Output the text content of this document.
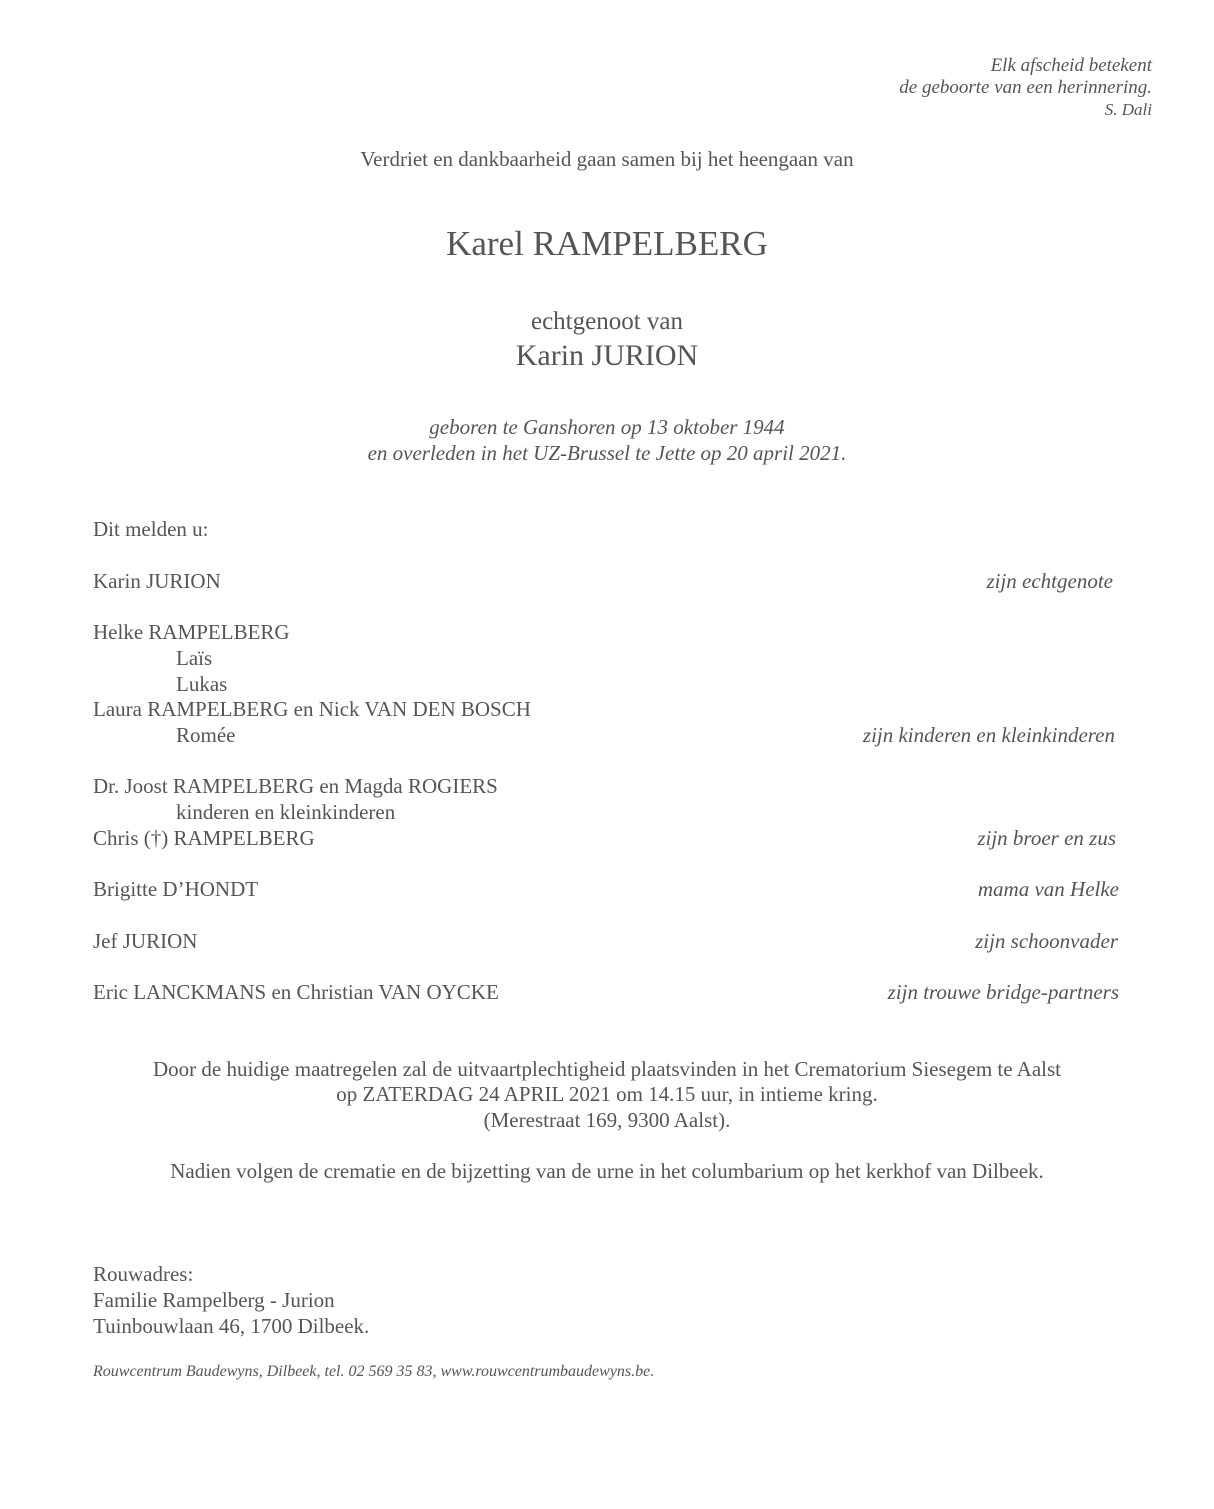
Elk afscheid betekent
de geboorte van een herinnering.
S. Dali
Verdriet en dankbaarheid gaan samen bij het heengaan van
Karel RAMPELBERG
echtgenoot van
Karin JURION
geboren te Ganshoren op 13 oktober 1944
en overleden in het UZ-Brussel te Jette op 20 april 2021.
Dit melden u:
Karin JURION	zijn echtgenote
Helke RAMPELBERG
Laïs
Lukas
Laura RAMPELBERG en Nick VAN DEN BOSCH
Romée	zijn kinderen en kleinkinderen
Dr. Joost RAMPELBERG en Magda ROGIERS
kinderen en kleinkinderen
Chris (†) RAMPELBERG	zijn broer en zus
Brigitte D’HONDT	mama van Helke
Jef JURION	zijn schoonvader
Eric LANCKMANS en Christian VAN OYCKE	zijn trouwe bridge-partners
Door de huidige maatregelen zal de uitvaartplechtigheid plaatsvinden in het Crematorium Siesegem te Aalst
op ZATERDAG 24 APRIL 2021 om 14.15 uur, in intieme kring.
(Merestraat 169, 9300 Aalst).
Nadien volgen de crematie en de bijzetting van de urne in het columbarium op het kerkhof van Dilbeek.
Rouwadres:
Familie Rampelberg - Jurion
Tuinbouwlaan 46, 1700 Dilbeek.
Rouwcentrum Baudewyns, Dilbeek, tel. 02 569 35 83, www.rouwcentrumbaudewyns.be.
